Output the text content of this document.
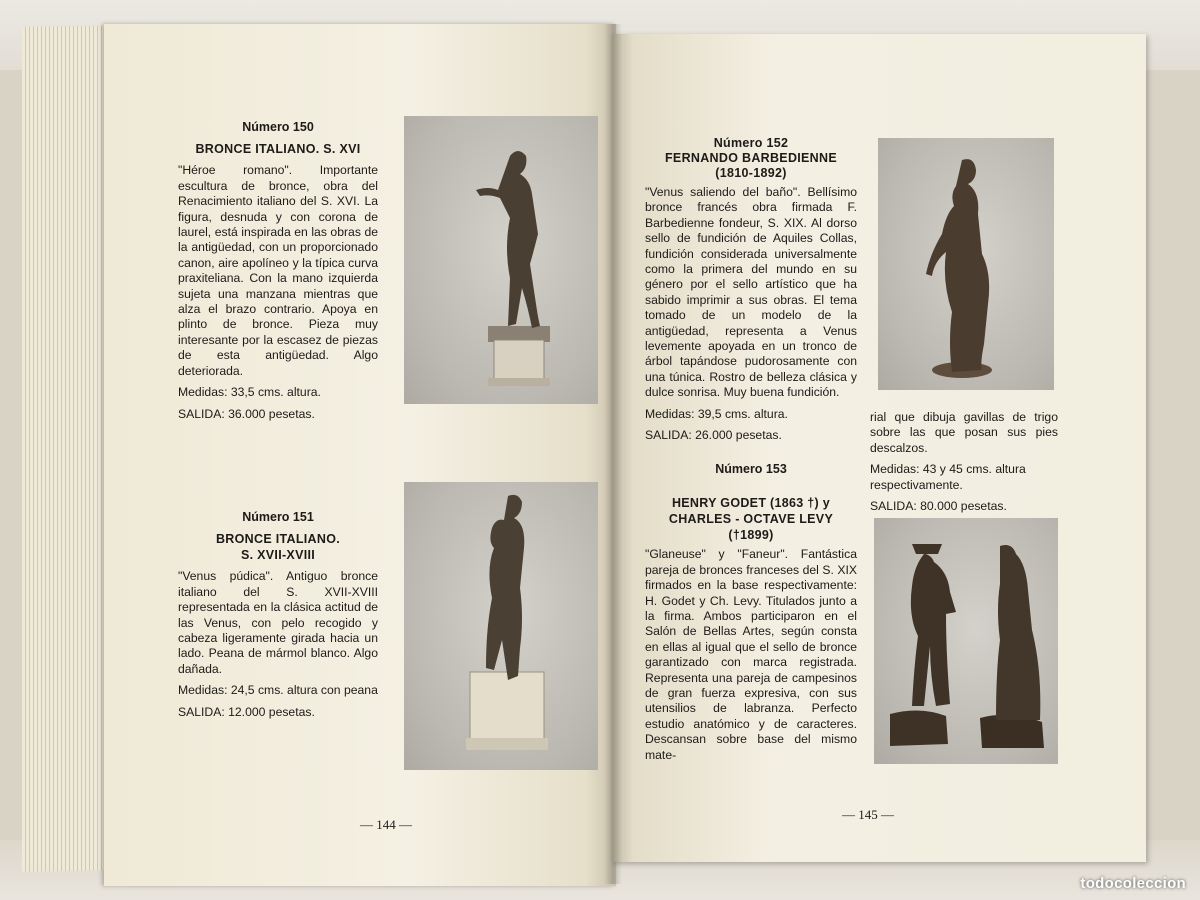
Número 150

BRONCE ITALIANO. S. XVI

"Héroe romano". Importante escultura de bronce, obra del Renacimiento italiano del S. XVI. La figura, desnuda y con corona de laurel, está inspirada en las obras de la antigüedad, con un proporcionado canon, aire apolíneo y la típica curva praxiteliana. Con la mano izquierda sujeta una manzana mientras que alza el brazo contrario. Apoya en plinto de bronce. Pieza muy interesante por la escasez de piezas de esta antigüedad. Algo deteriorada.

Medidas: 33,5 cms. altura.

SALIDA: 36.000 pesetas.

Número 151

BRONCE ITALIANO.
S. XVII-XVIII

"Venus púdica". Antiguo bronce italiano del S. XVII-XVIII representada en la clásica actitud de las Venus, con pelo recogido y cabeza ligeramente girada hacia un lado. Peana de mármol blanco. Algo dañada.

Medidas: 24,5 cms. altura con peana

SALIDA: 12.000 pesetas.

— 144 —

Número 152
FERNANDO BARBEDIENNE
(1810-1892)

"Venus saliendo del baño". Bellísimo bronce francés obra firmada F. Barbedienne fondeur, S. XIX. Al dorso sello de fundición de Aquiles Collas, fundición considerada universalmente como la primera del mundo en su género por el sello artístico que ha sabido imprimir a sus obras. El tema tomado de un modelo de la antigüedad, representa a Venus levemente apoyada en un tronco de árbol tapándose pudorosamente con una túnica. Rostro de belleza clásica y dulce sonrisa. Muy buena fundición.

Medidas: 39,5 cms. altura.

SALIDA: 26.000 pesetas.

Número 153

HENRY GODET (1863 †) y
CHARLES - OCTAVE LEVY
(†1899)

"Glaneuse" y "Faneur". Fantástica pareja de bronces franceses del S. XIX firmados en la base respectivamente: H. Godet y Ch. Levy. Titulados junto a la firma. Ambos participaron en el Salón de Bellas Artes, según consta en ellas al igual que el sello de bronce garantizado con marca registrada. Representa una pareja de campesinos de gran fuerza expresiva, con sus utensilios de labranza. Perfecto estudio anatómico y de caracteres. Descansan sobre base del mismo mate-

rial que dibuja gavillas de trigo sobre las que posan sus pies descalzos.

Medidas: 43 y 45 cms. altura respectivamente.

SALIDA: 80.000 pesetas.

— 145 —
todocoleccion
